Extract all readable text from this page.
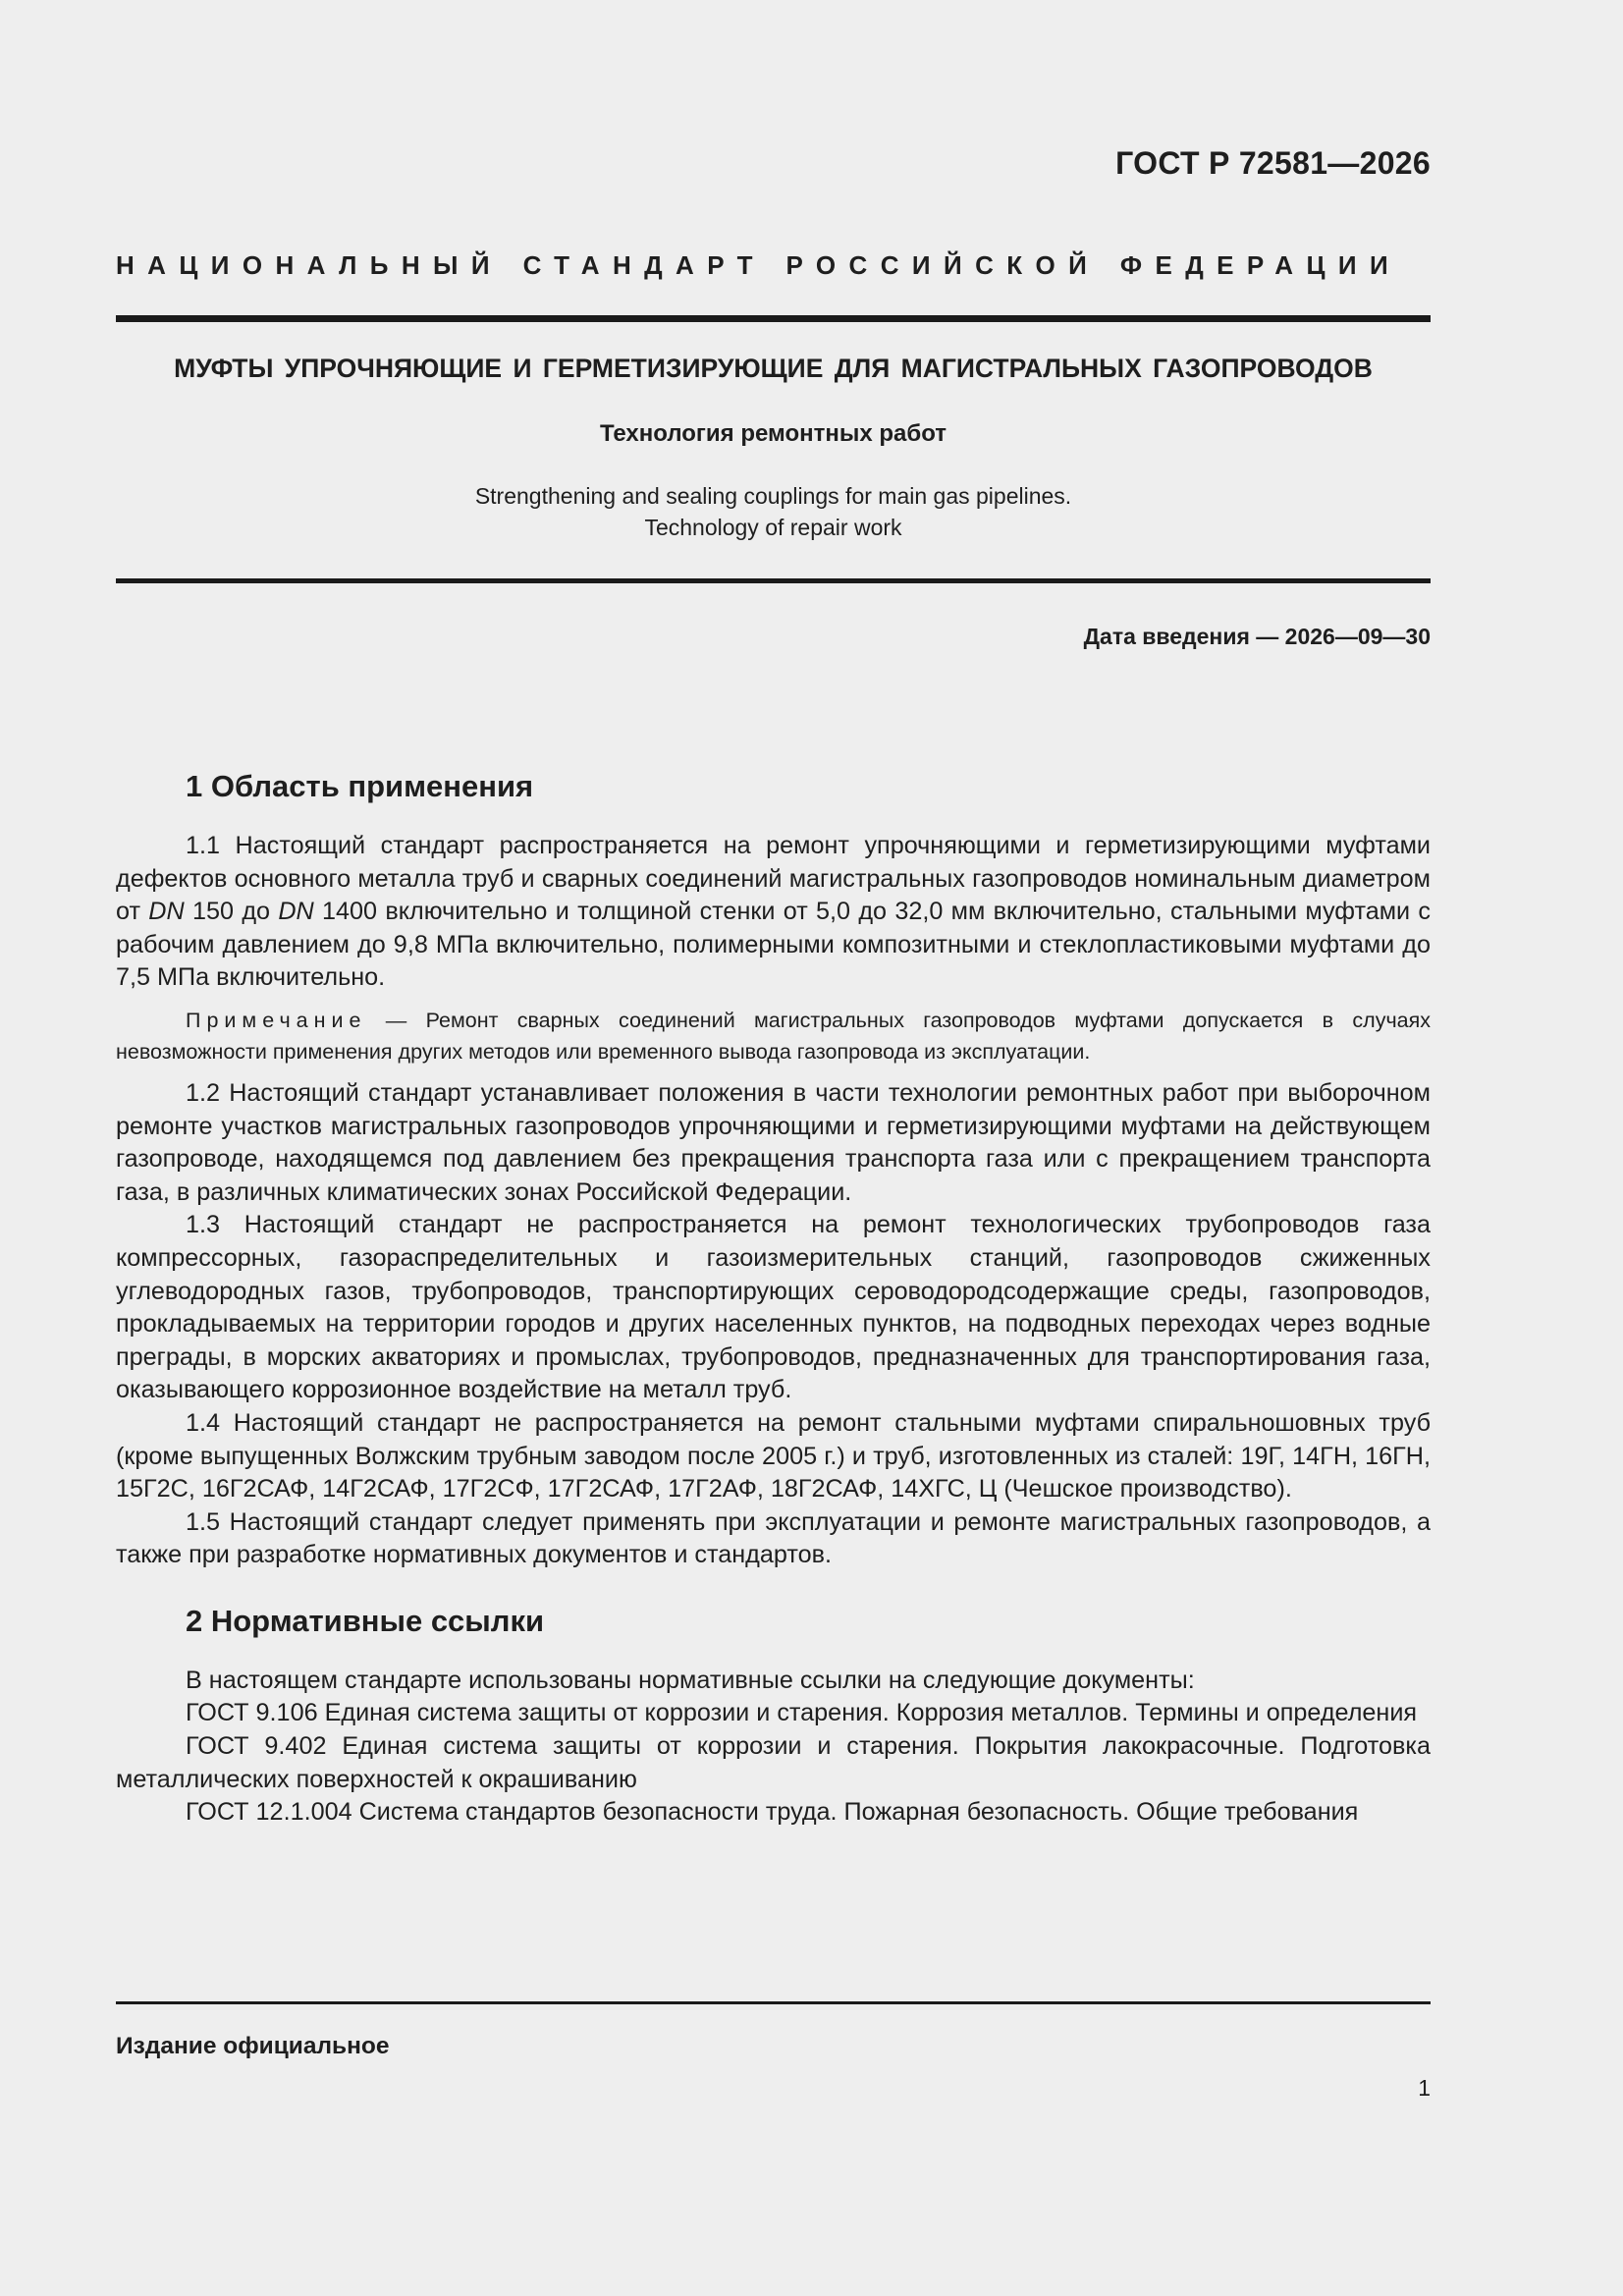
ГОСТ Р 72581—2026
НАЦИОНАЛЬНЫЙ СТАНДАРТ РОССИЙСКОЙ ФЕДЕРАЦИИ
МУФТЫ УПРОЧНЯЮЩИЕ И ГЕРМЕТИЗИРУЮЩИЕ ДЛЯ МАГИСТРАЛЬНЫХ ГАЗОПРОВОДОВ
Технология ремонтных работ
Strengthening and sealing couplings for main gas pipelines.
Technology of repair work
Дата введения — 2026—09—30
1 Область применения

1.1 Настоящий стандарт распространяется на ремонт упрочняющими и герметизирующими муфтами дефектов основного металла труб и сварных соединений магистральных газопроводов номинальным диаметром от DN 150 до DN 1400 включительно и толщиной стенки от 5,0 до 32,0 мм включительно, стальными муфтами с рабочим давлением до 9,8 МПа включительно, полимерными композитными и стеклопластиковыми муфтами до 7,5 МПа включительно.

Примечание — Ремонт сварных соединений магистральных газопроводов муфтами допускается в случаях невозможности применения других методов или временного вывода газопровода из эксплуатации.

1.2 Настоящий стандарт устанавливает положения в части технологии ремонтных работ при выборочном ремонте участков магистральных газопроводов упрочняющими и герметизирующими муфтами на действующем газопроводе, находящемся под давлением без прекращения транспорта газа или с прекращением транспорта газа, в различных климатических зонах Российской Федерации.

1.3 Настоящий стандарт не распространяется на ремонт технологических трубопроводов газа компрессорных, газораспределительных и газоизмерительных станций, газопроводов сжиженных углеводородных газов, трубопроводов, транспортирующих сероводородсодержащие среды, газопроводов, прокладываемых на территории городов и других населенных пунктов, на подводных переходах через водные преграды, в морских акваториях и промыслах, трубопроводов, предназначенных для транспортирования газа, оказывающего коррозионное воздействие на металл труб.

1.4 Настоящий стандарт не распространяется на ремонт стальными муфтами спиральношовных труб (кроме выпущенных Волжским трубным заводом после 2005 г.) и труб, изготовленных из сталей: 19Г, 14ГН, 16ГН, 15Г2С, 16Г2САФ, 14Г2САФ, 17Г2СФ, 17Г2САФ, 17Г2АФ, 18Г2САФ, 14ХГС, Ц (Чешское производство).

1.5 Настоящий стандарт следует применять при эксплуатации и ремонте магистральных газопроводов, а также при разработке нормативных документов и стандартов.

2 Нормативные ссылки

В настоящем стандарте использованы нормативные ссылки на следующие документы:

ГОСТ 9.106 Единая система защиты от коррозии и старения. Коррозия металлов. Термины и определения

ГОСТ 9.402 Единая система защиты от коррозии и старения. Покрытия лакокрасочные. Подготовка металлических поверхностей к окрашиванию

ГОСТ 12.1.004 Система стандартов безопасности труда. Пожарная безопасность. Общие требования

Издание официальное
1
